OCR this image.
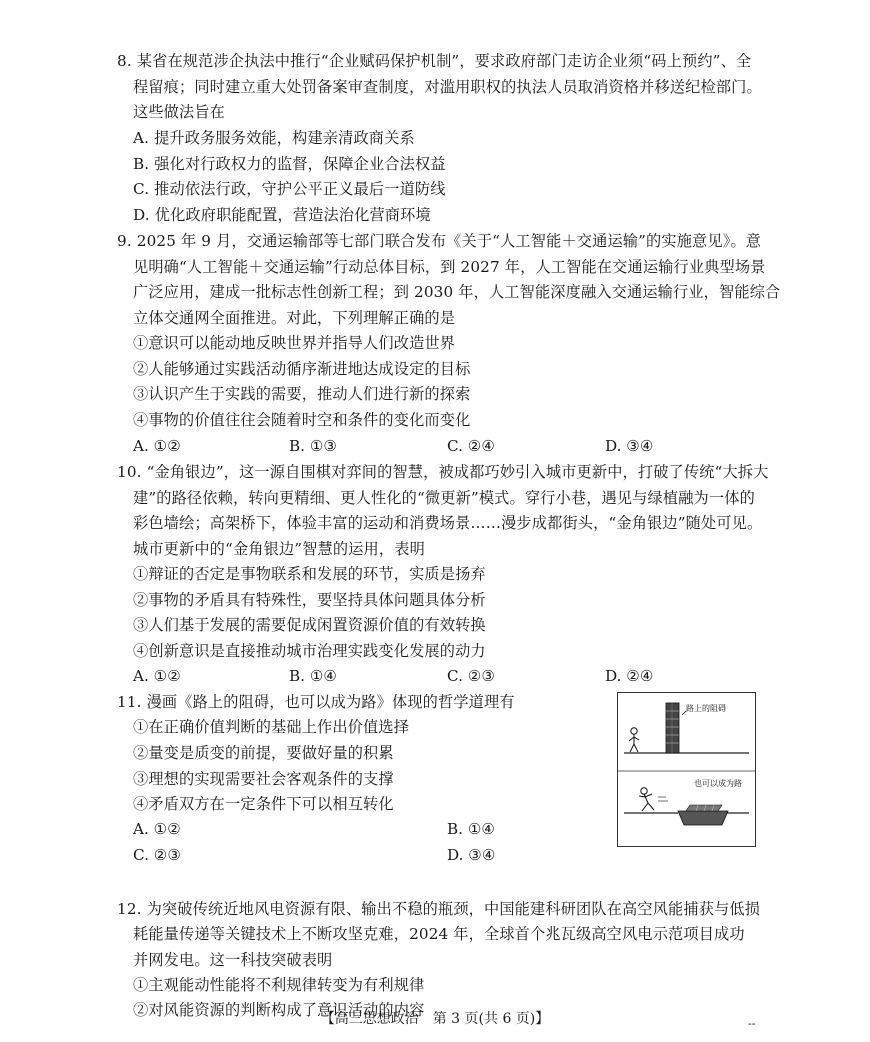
8. 某省在规范涉企执法中推行“企业赋码保护机制”，要求政府部门走访企业须“码上预约”、全
程留痕；同时建立重大处罚备案审查制度，对滥用职权的执法人员取消资格并移送纪检部门。
这些做法旨在
A. 提升政务服务效能，构建亲清政商关系
B. 强化对行政权力的监督，保障企业合法权益
C. 推动依法行政，守护公平正义最后一道防线
D. 优化政府职能配置，营造法治化营商环境
9. 2025 年 9 月，交通运输部等七部门联合发布《关于“人工智能＋交通运输”的实施意见》。意
见明确“人工智能＋交通运输”行动总体目标，到 2027 年，人工智能在交通运输行业典型场景
广泛应用，建成一批标志性创新工程；到 2030 年，人工智能深度融入交通运输行业，智能综合
立体交通网全面推进。对此，下列理解正确的是
①意识可以能动地反映世界并指导人们改造世界
②人能够通过实践活动循序渐进地达成设定的目标
③认识产生于实践的需要，推动人们进行新的探索
④事物的价值往往会随着时空和条件的变化而变化
A. ①②	B. ①③	C. ②④	D. ③④
10. “金角银边”，这一源自围棋对弈间的智慧，被成都巧妙引入城市更新中，打破了传统“大拆大
建”的路径依赖，转向更精细、更人性化的“微更新”模式。穿行小巷，遇见与绿植融为一体的
彩色墙绘；高架桥下，体验丰富的运动和消费场景……漫步成都街头，“金角银边”随处可见。
城市更新中的“金角银边”智慧的运用，表明
①辩证的否定是事物联系和发展的环节，实质是扬弃
②事物的矛盾具有特殊性，要坚持具体问题具体分析
③人们基于发展的需要促成闲置资源价值的有效转换
④创新意识是直接推动城市治理实践变化发展的动力
A. ①②	B. ①④	C. ②③	D. ②④
11. 漫画《路上的阻碍，也可以成为路》体现的哲学道理有
①在正确价值判断的基础上作出价值选择
②量变是质变的前提，要做好量的积累
③理想的实现需要社会客观条件的支撑
④矛盾双方在一定条件下可以相互转化
A. ①②	B. ①④
C. ②③	D. ③④
路上的阻碍
也可以成为路
12. 为突破传统近地风电资源有限、输出不稳的瓶颈，中国能建科研团队在高空风能捕获与低损
耗能量传递等关键技术上不断攻坚克难，2024 年，全球首个兆瓦级高空风电示范项目成功
并网发电。这一科技突破表明
①主观能动性能将不利规律转变为有利规律
②对风能资源的判断构成了意识活动的内容
【高三思想政治　第 3 页(共 6 页)】	--
